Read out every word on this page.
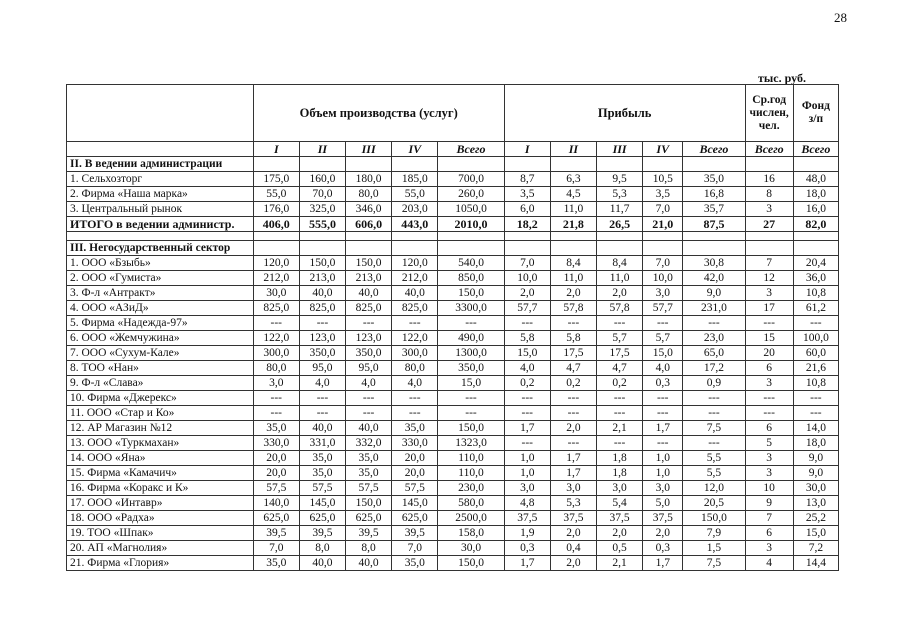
28
тыс. руб.
	Объем производства (услуг)					Прибыль					Ср.год числен, чел.	Фонд з/п
	I	II	III	IV	Всего	I	II	III	IV	Всего	Всего	Всего
II. В ведении администрации												
1. Сельхозторг	175,0	160,0	180,0	185,0	700,0	8,7	6,3	9,5	10,5	35,0	16	48,0
2. Фирма «Наша марка»	55,0	70,0	80,0	55,0	260,0	3,5	4,5	5,3	3,5	16,8	8	18,0
3. Центральный рынок	176,0	325,0	346,0	203,0	1050,0	6,0	11,0	11,7	7,0	35,7	3	16,0
ИТОГО в ведении администр.	406,0	555,0	606,0	443,0	2010,0	18,2	21,8	26,5	21,0	87,5	27	82,0

III. Негосударственный сектор												
1. ООО «Бзыбь»	120,0	150,0	150,0	120,0	540,0	7,0	8,4	8,4	7,0	30,8	7	20,4
2. ООО «Гумиста»	212,0	213,0	213,0	212,0	850,0	10,0	11,0	11,0	10,0	42,0	12	36,0
3. Ф-л «Антракт»	30,0	40,0	40,0	40,0	150,0	2,0	2,0	2,0	3,0	9,0	3	10,8
4. ООО «АЗиД»	825,0	825,0	825,0	825,0	3300,0	57,7	57,8	57,8	57,7	231,0	17	61,2
5. Фирма «Надежда-97»	---	---	---	---	---	---	---	---	---	---	---	---
6. ООО «Жемчужина»	122,0	123,0	123,0	122,0	490,0	5,8	5,8	5,7	5,7	23,0	15	100,0
7. ООО «Сухум-Кале»	300,0	350,0	350,0	300,0	1300,0	15,0	17,5	17,5	15,0	65,0	20	60,0
8. ТОО «Нан»	80,0	95,0	95,0	80,0	350,0	4,0	4,7	4,7	4,0	17,2	6	21,6
9. Ф-л «Слава»	3,0	4,0	4,0	4,0	15,0	0,2	0,2	0,2	0,3	0,9	3	10,8
10. Фирма «Джерекс»	---	---	---	---	---	---	---	---	---	---	---	---
11. ООО «Стар и Ко»	---	---	---	---	---	---	---	---	---	---	---	---
12. АР Магазин №12	35,0	40,0	40,0	35,0	150,0	1,7	2,0	2,1	1,7	7,5	6	14,0
13. ООО «Туркмахан»	330,0	331,0	332,0	330,0	1323,0	---	---	---	---	---	5	18,0
14. ООО «Яна»	20,0	35,0	35,0	20,0	110,0	1,0	1,7	1,8	1,0	5,5	3	9,0
15. Фирма «Камачич»	20,0	35,0	35,0	20,0	110,0	1,0	1,7	1,8	1,0	5,5	3	9,0
16. Фирма «Коракс и К»	57,5	57,5	57,5	57,5	230,0	3,0	3,0	3,0	3,0	12,0	10	30,0
17. ООО «Интавр»	140,0	145,0	150,0	145,0	580,0	4,8	5,3	5,4	5,0	20,5	9	13,0
18. ООО «Радха»	625,0	625,0	625,0	625,0	2500,0	37,5	37,5	37,5	37,5	150,0	7	25,2
19. ТОО «Шпак»	39,5	39,5	39,5	39,5	158,0	1,9	2,0	2,0	2,0	7,9	6	15,0
20. АП «Магнолия»	7,0	8,0	8,0	7,0	30,0	0,3	0,4	0,5	0,3	1,5	3	7,2
21. Фирма «Глория»	35,0	40,0	40,0	35,0	150,0	1,7	2,0	2,1	1,7	7,5	4	14,4
